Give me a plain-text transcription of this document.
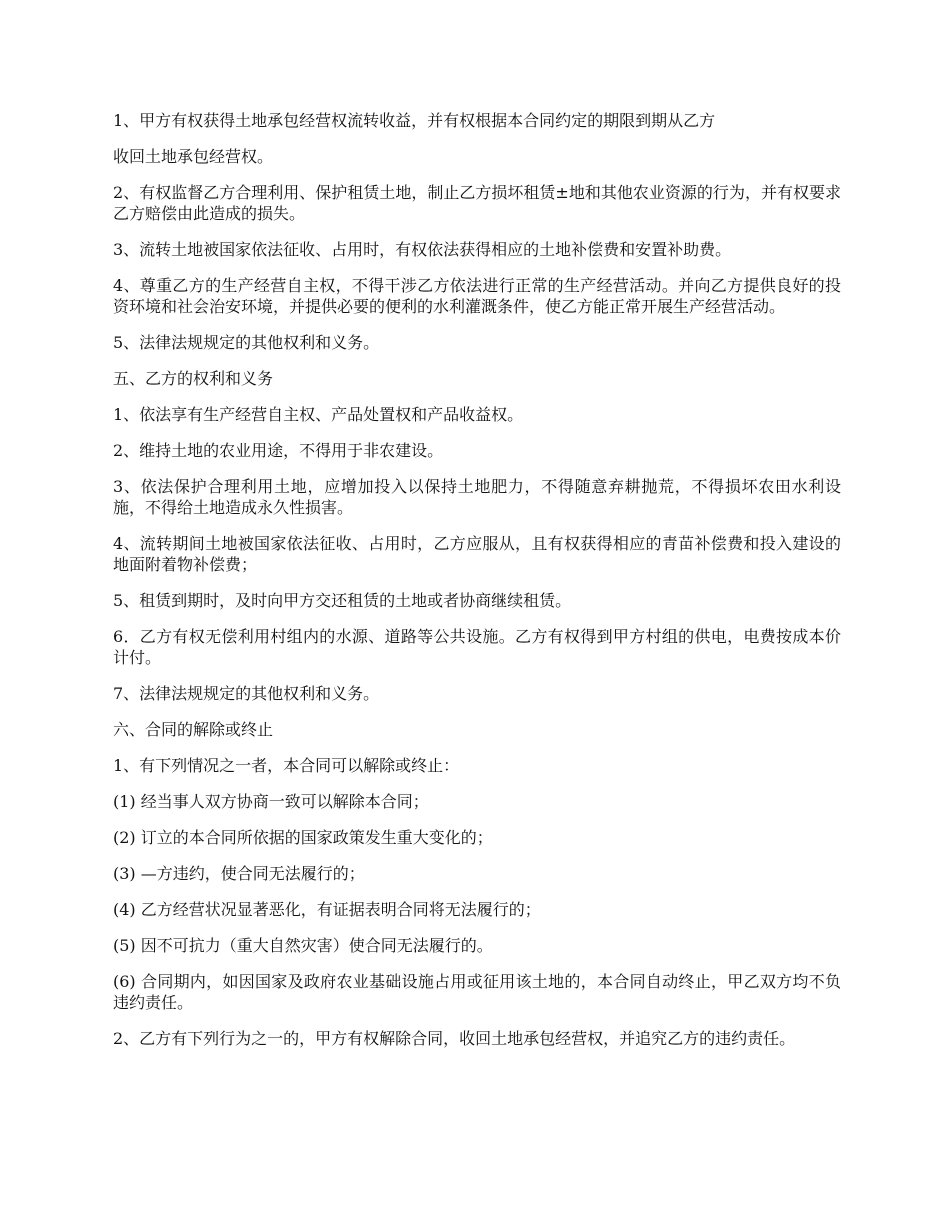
1、甲方有权获得土地承包经营权流转收益，并有权根据本合同约定的期限到期从乙方

收回土地承包经营权。

2、有权监督乙方合理利用、保护租赁土地，制止乙方损坏租赁±地和其他农业资源的行为，并有权要求乙方赔偿由此造成的损失。

3、流转土地被国家依法征收、占用时，有权依法获得相应的土地补偿费和安置补助费。

4、尊重乙方的生产经营自主权，不得干涉乙方依法进行正常的生产经营活动。并向乙方提供良好的投资环境和社会治安环境，并提供必要的便利的水利灌溉条件，使乙方能正常开展生产经营活动。

5、法律法规规定的其他权利和义务。

五、乙方的权利和义务

1、依法享有生产经营自主权、产品处置权和产品收益权。

2、维持土地的农业用途，不得用于非农建设。

3、依法保护合理利用土地，应增加投入以保持土地肥力，不得随意弃耕抛荒，不得损坏农田水利设施，不得给土地造成永久性损害。

4、流转期间土地被国家依法征收、占用时，乙方应服从，且有权获得相应的青苗补偿费和投入建设的地面附着物补偿费；

5、租赁到期时，及时向甲方交还租赁的土地或者协商继续租赁。

6．乙方有权无偿利用村组内的水源、道路等公共设施。乙方有权得到甲方村组的供电，电费按成本价计付。

7、法律法规规定的其他权利和义务。

六、合同的解除或终止

1、有下列情况之一者，本合同可以解除或终止：

(1) 经当事人双方协商一致可以解除本合同；

(2) 订立的本合同所依据的国家政策发生重大变化的；

(3) —方违约，使合同无法履行的；

(4) 乙方经营状况显著恶化，有证据表明合同将无法履行的；

(5) 因不可抗力（重大自然灾害）使合同无法履行的。

(6) 合同期内，如因国家及政府农业基础设施占用或征用该土地的，本合同自动终止，甲乙双方均不负违约责任。

2、乙方有下列行为之一的，甲方有权解除合同，收回土地承包经营权，并追究乙方的违约责任。
